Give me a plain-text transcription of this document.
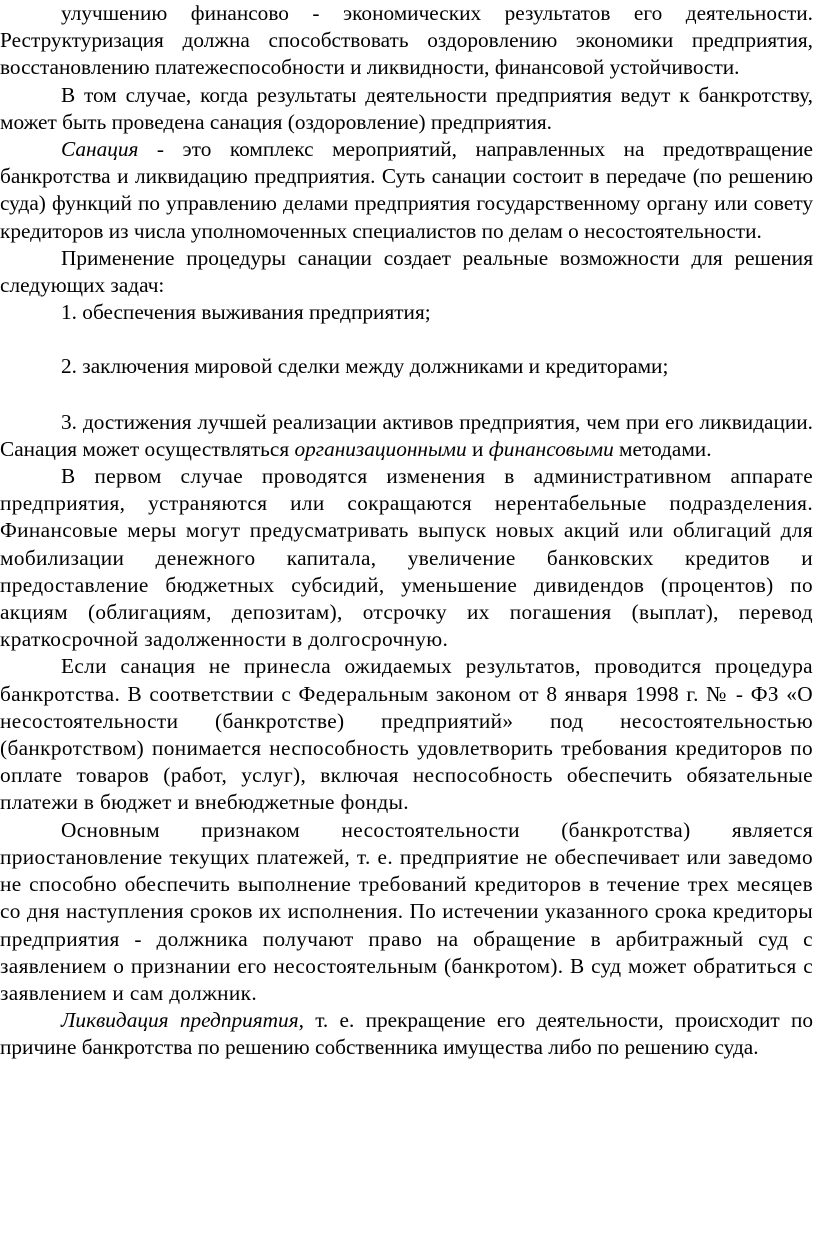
улучшению финансово - экономических результатов его деятельности. Реструктуризация должна способствовать оздоровлению экономики предприятия, восстановлению платежеспособности и ликвидности, финансовой устойчивости.

В том случае, когда результаты деятельности предприятия ведут к банкротству, может быть проведена санация (оздоровление) предприятия.

Санация - это комплекс мероприятий, направленных на предотвращение банкротства и ликвидацию предприятия. Суть санации состоит в передаче (по решению суда) функций по управлению делами предприятия государственному органу или совету кредиторов из числа уполномоченных специалистов по делам о несостоятельности.

Применение процедуры санации создает реальные возможности для решения следующих задач:

1. обеспечения выживания предприятия;

2. заключения мировой сделки между должниками и кредиторами;

3. достижения лучшей реализации активов предприятия, чем при его ликвидации. Санация может осуществляться организационными и финансовыми методами.

В первом случае проводятся изменения в административном аппарате предприятия, устраняются или сокращаются нерентабельные подразделения. Финансовые меры могут предусматривать выпуск новых акций или облигаций для мобилизации денежного капитала, увеличение банковских кредитов и предоставление бюджетных субсидий, уменьшение дивидендов (процентов) по акциям (облигациям, депозитам), отсрочку их погашения (выплат), перевод краткосрочной задолженности в долгосрочную.

Если санация не принесла ожидаемых результатов, проводится процедура банкротства. В соответствии с Федеральным законом от 8 января 1998 г. № - ФЗ «О несостоятельности (банкротстве) предприятий» под несостоятельностью (банкротством) понимается неспособность удовлетворить требования кредиторов по оплате товаров (работ, услуг), включая неспособность обеспечить обязательные платежи в бюджет и внебюджетные фонды.

Основным признаком несостоятельности (банкротства) является приостановление текущих платежей, т. е. предприятие не обеспечивает или заведомо не способно обеспечить выполнение требований кредиторов в течение трех месяцев со дня наступления сроков их исполнения. По истечении указанного срока кредиторы предприятия - должника получают право на обращение в арбитражный суд с заявлением о признании его несостоятельным (банкротом). В суд может обратиться с заявлением и сам должник.

Ликвидация предприятия, т. е. прекращение его деятельности, происходит по причине банкротства по решению собственника имущества либо по решению суда.
